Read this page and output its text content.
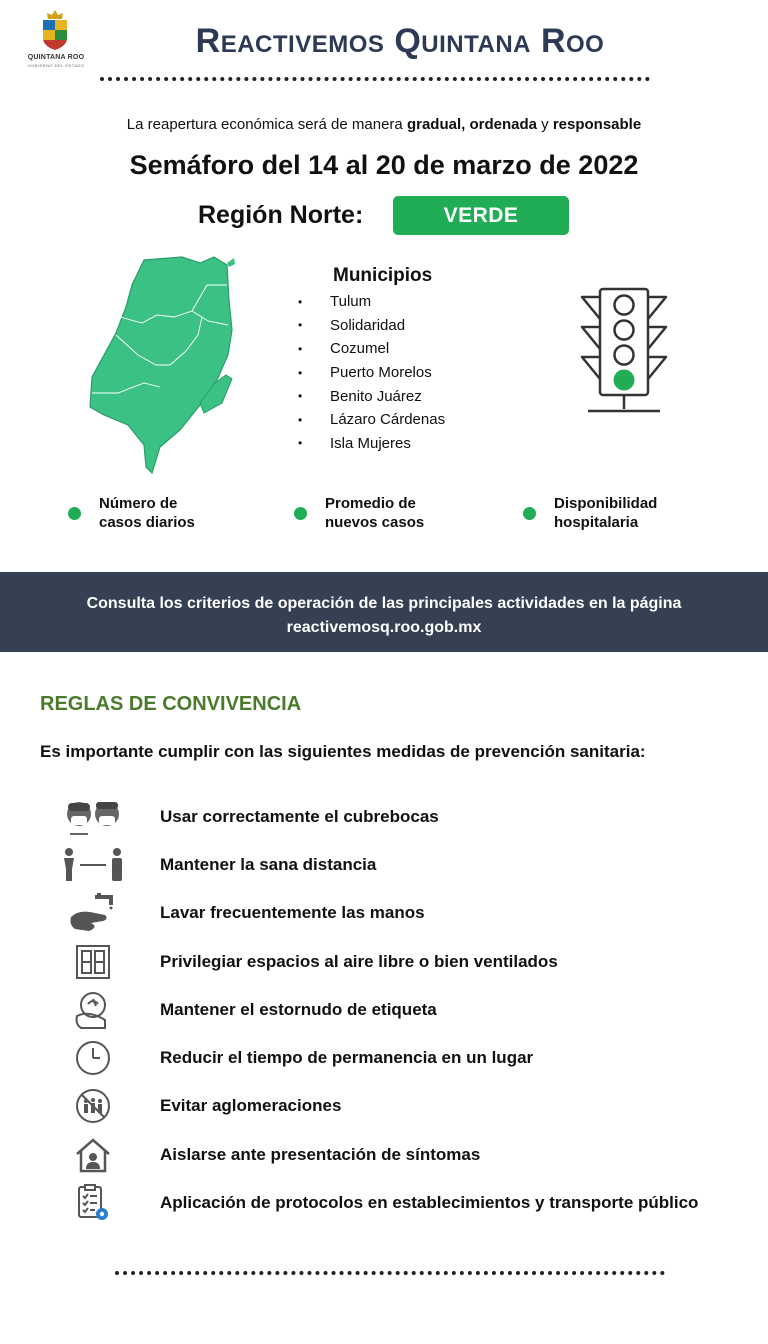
QUINTANA ROO
GOBIERNO DEL ESTADO
Reactivemos Quintana Roo
La reapertura económica será de manera gradual, ordenada y responsable
Semáforo del 14 al 20 de marzo de 2022
Región Norte:	VERDE
Municipios
•	Tulum
•	Solidaridad
•	Cozumel
•	Puerto Morelos
•	Benito Juárez
•	Lázaro Cárdenas
•	Isla Mujeres
Número de
casos diarios
Promedio de
nuevos casos
Disponibilidad
hospitalaria
Consulta los criterios de operación de las principales actividades en la página
reactivemosq.roo.gob.mx
REGLAS DE CONVIVENCIA
Es importante cumplir con las siguientes medidas de prevención sanitaria:
Usar correctamente el cubrebocas
Mantener la sana distancia
Lavar frecuentemente las manos
Privilegiar espacios al aire libre o bien ventilados
Mantener el estornudo de etiqueta
Reducir el tiempo de permanencia en un lugar
Evitar aglomeraciones
Aislarse ante presentación de síntomas
Aplicación de protocolos en establecimientos y transporte público
